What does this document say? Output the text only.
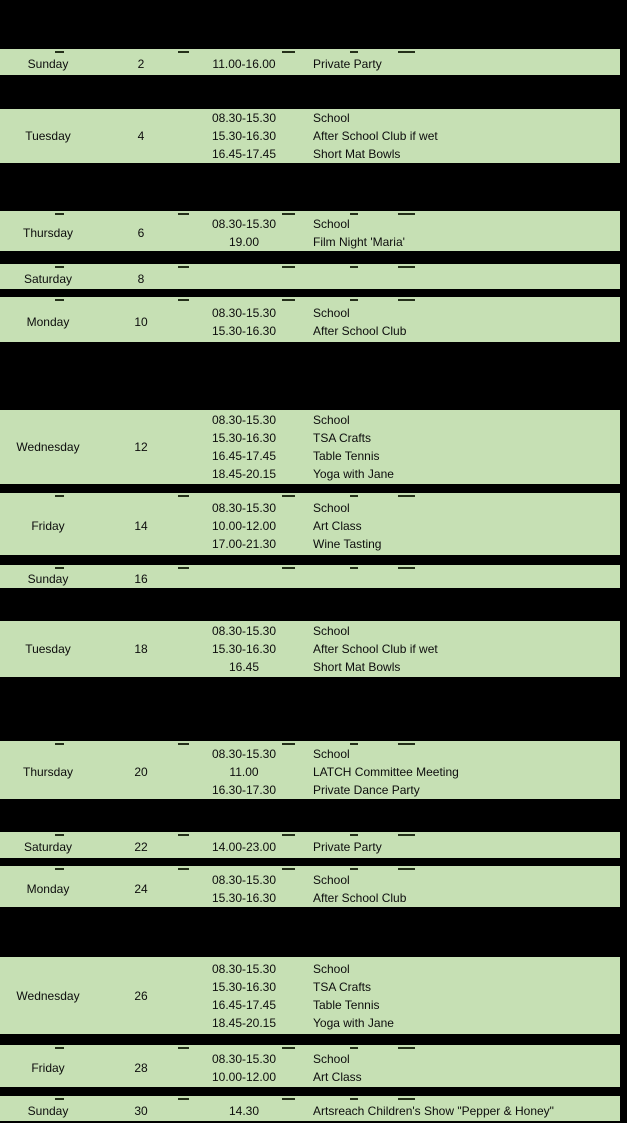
Sunday	2	11.00-16.00	Private Party
Tuesday	4
08.30-15.30	School
15.30-16.30	After School Club if wet
16.45-17.45	Short Mat Bowls
Thursday	6
08.30-15.30	School
19.00	Film Night 'Maria'
Saturday	8
Monday	10
08.30-15.30	School
15.30-16.30	After School Club
Wednesday	12
08.30-15.30	School
15.30-16.30	TSA Crafts
16.45-17.45	Table Tennis
18.45-20.15	Yoga with Jane
Friday	14
08.30-15.30	School
10.00-12.00	Art Class
17.00-21.30	Wine Tasting
Sunday	16
Tuesday	18
08.30-15.30	School
15.30-16.30	After School Club if wet
16.45	Short Mat Bowls
Thursday	20
08.30-15.30	School
11.00	LATCH Committee Meeting
16.30-17.30	Private Dance Party
Saturday	22	14.00-23.00	Private Party
Monday	24
08.30-15.30	School
15.30-16.30	After School Club
Wednesday	26
08.30-15.30	School
15.30-16.30	TSA Crafts
16.45-17.45	Table Tennis
18.45-20.15	Yoga with Jane
Friday	28
08.30-15.30	School
10.00-12.00	Art Class
Sunday	30	14.30	Artsreach Children's Show "Pepper & Honey"
